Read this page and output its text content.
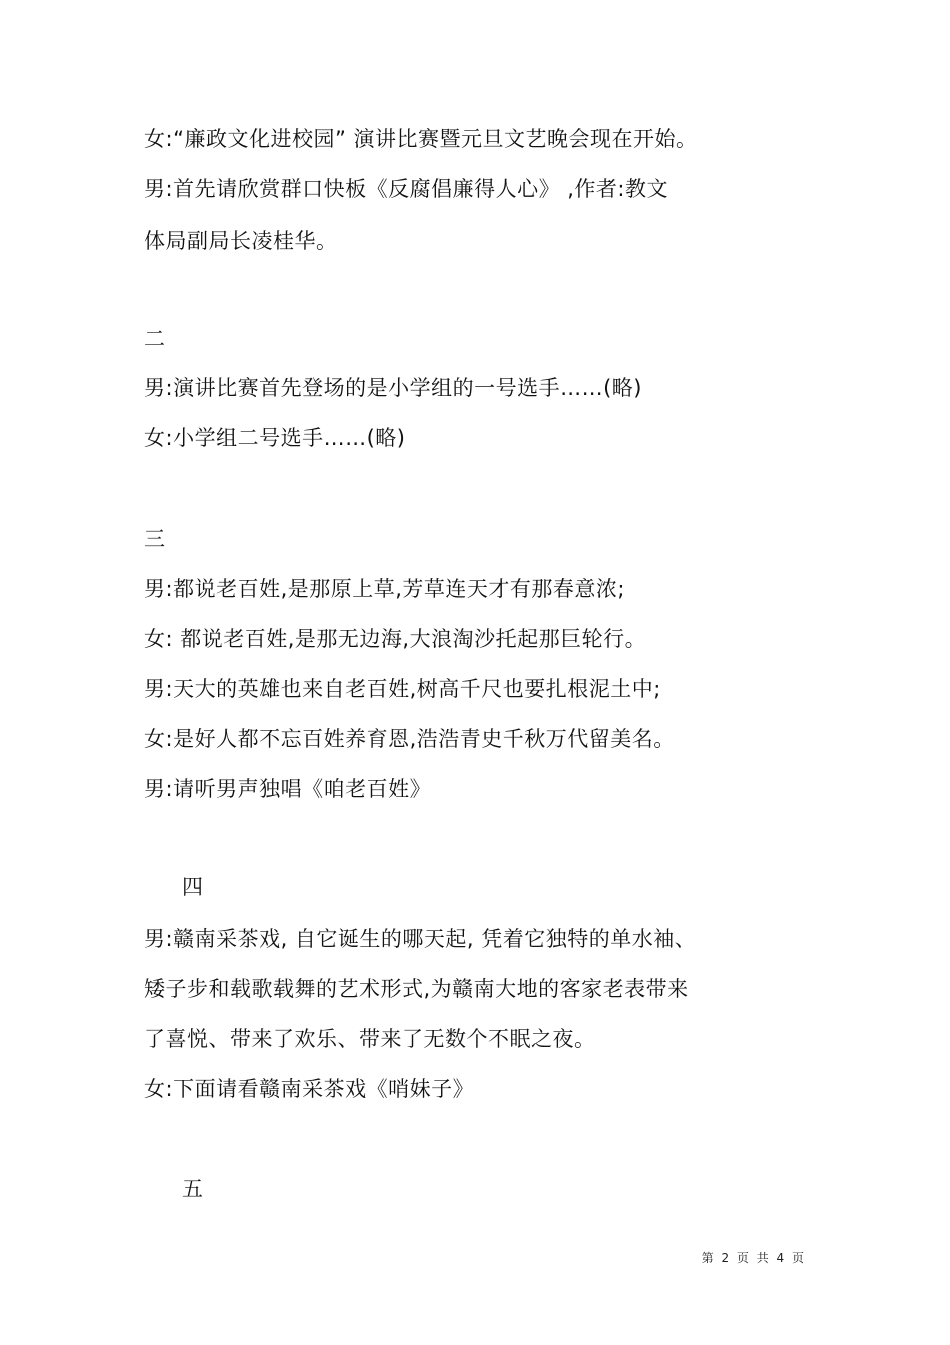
女:“廉政文化进校园” 演讲比赛暨元旦文艺晚会现在开始。
男:首先请欣赏群口快板《反腐倡廉得人心》 ,作者:教文
体局副局长凌桂华。
二
男:演讲比赛首先登场的是小学组的一号选手……(略)
女:小学组二号选手……(略)
三
男:都说老百姓,是那原上草,芳草连天才有那春意浓;
女: 都说老百姓,是那无边海,大浪淘沙托起那巨轮行。
男:天大的英雄也来自老百姓,树高千尺也要扎根泥土中;
女:是好人都不忘百姓养育恩,浩浩青史千秋万代留美名。
男:请听男声独唱《咱老百姓》
四
男:赣南采茶戏, 自它诞生的哪天起, 凭着它独特的单水袖、
矮子步和载歌载舞的艺术形式,为赣南大地的客家老表带来
了喜悦、带来了欢乐、带来了无数个不眠之夜。
女:下面请看赣南采茶戏《哨妹子》
五
第 2 页 共 4 页
